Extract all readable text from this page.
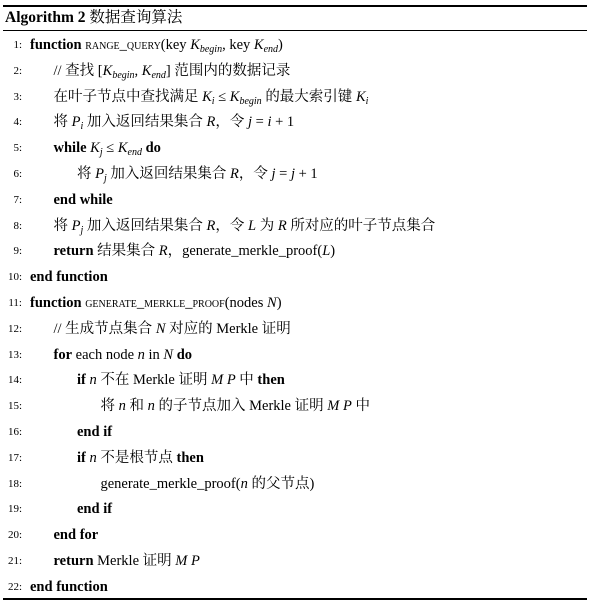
Algorithm 2 数据查询算法
1: function range_query(key $K_{begin}$, key $K_{end}$)
2: // 查找 [$K_{begin}$, $K_{end}$] 范围内的数据记录
3: 在叶子节点中查找满足 $K_i \le K_{begin}$ 的最大索引键 $K_i$
4: 将 $P_i$ 加入返回结果集合 R，令 j = i + 1
5: while $K_j \le K_{end}$ do
6:	将 $P_j$ 加入返回结果集合 R，令 j = j + 1
7: end while
8: 将 $P_j$ 加入返回结果集合 R，令 L 为 R 所对应的叶子节点集合
9: return 结果集合 R，generate_merkle_proof(L)
10: end function
11: function generate_merkle_proof(nodes N)
12: // 生成节点集合 N 对应的 Merkle 证明
13: for each node n in N do
14:	if n 不在 Merkle 证明 M P 中 then
15:	将 n 和 n 的子节点加入 Merkle 证明 M P 中
16:	end if
17:	if n 不是根节点 then
18:	generate_merkle_proof(n 的父节点)
19:	end if
20: end for
21: return Merkle 证明 M P
22: end function
